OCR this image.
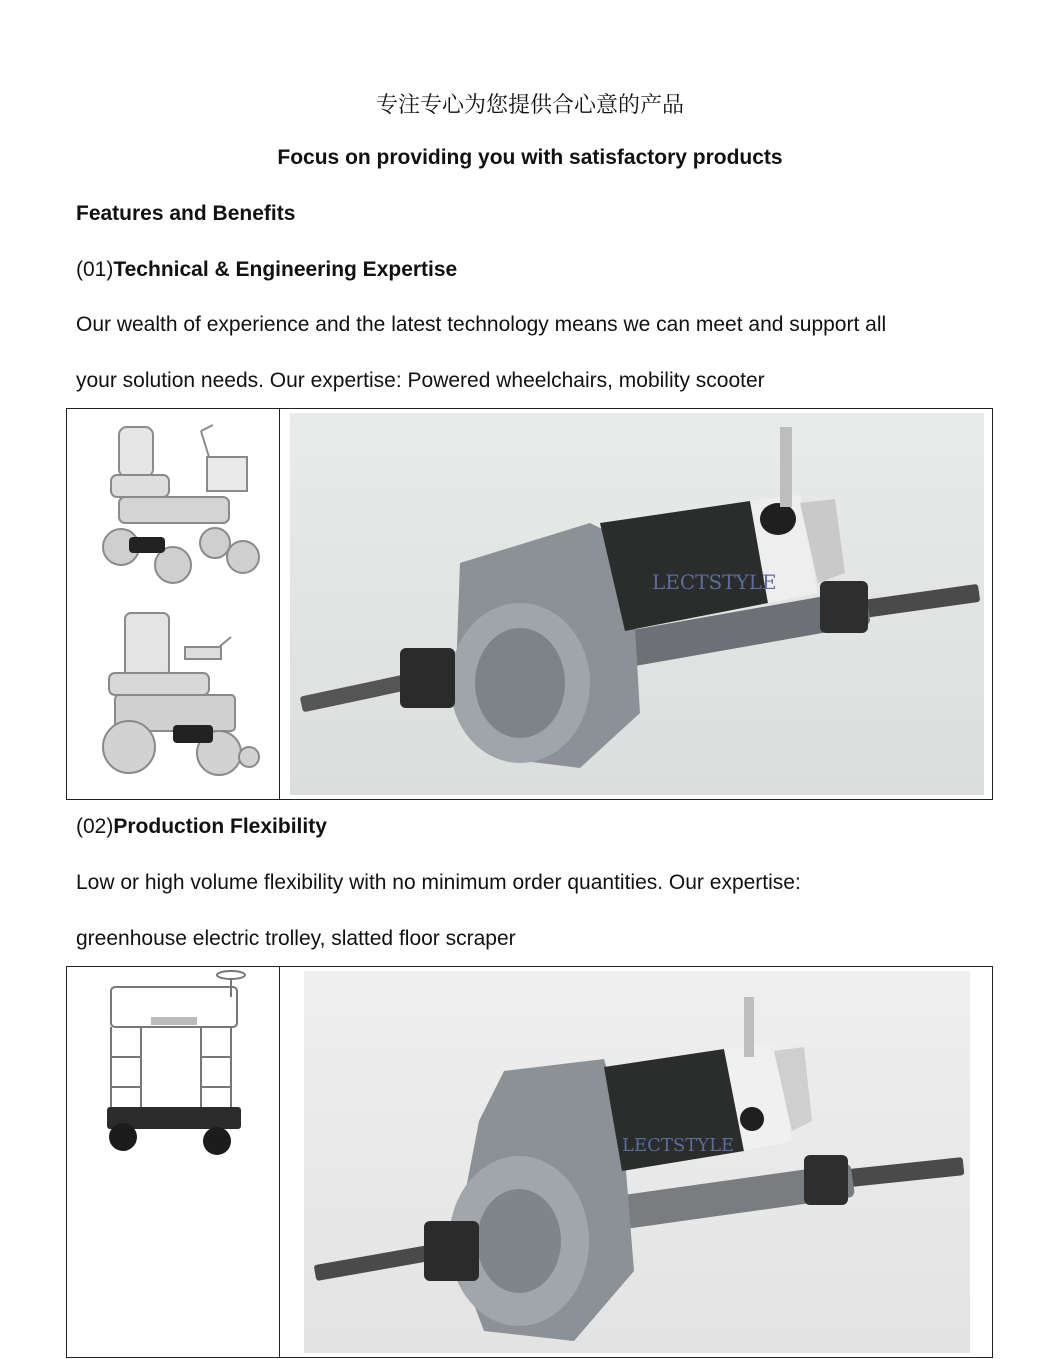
专注专心为您提供合心意的产品
Focus on providing you with satisfactory products
Features and Benefits
(01)Technical & Engineering Expertise
Our wealth of experience and the latest technology means we can meet and support all
your solution needs. Our expertise: Powered wheelchairs, mobility scooter
LECTSTYLE
(02)Production Flexibility
Low or high volume flexibility with no minimum order quantities. Our expertise:
greenhouse electric trolley, slatted floor scraper
LECTSTYLE
